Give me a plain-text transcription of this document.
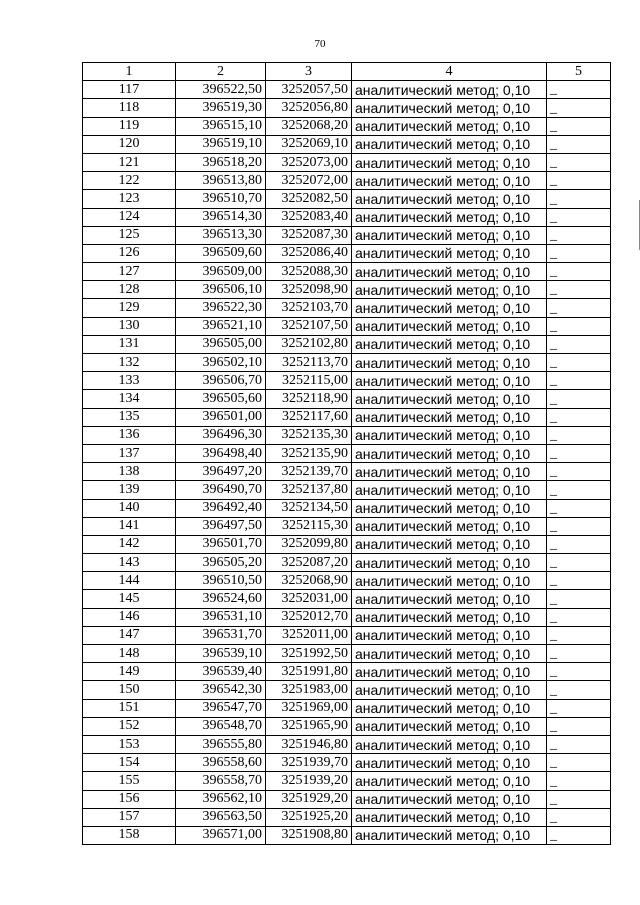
70
1	2	3	4	5
117	396522,50	3252057,50	аналитический метод; 0,10	_
118	396519,30	3252056,80	аналитический метод; 0,10	_
119	396515,10	3252068,20	аналитический метод; 0,10	_
120	396519,10	3252069,10	аналитический метод; 0,10	_
121	396518,20	3252073,00	аналитический метод; 0,10	_
122	396513,80	3252072,00	аналитический метод; 0,10	_
123	396510,70	3252082,50	аналитический метод; 0,10	_
124	396514,30	3252083,40	аналитический метод; 0,10	_
125	396513,30	3252087,30	аналитический метод; 0,10	_
126	396509,60	3252086,40	аналитический метод; 0,10	_
127	396509,00	3252088,30	аналитический метод; 0,10	_
128	396506,10	3252098,90	аналитический метод; 0,10	_
129	396522,30	3252103,70	аналитический метод; 0,10	_
130	396521,10	3252107,50	аналитический метод; 0,10	_
131	396505,00	3252102,80	аналитический метод; 0,10	_
132	396502,10	3252113,70	аналитический метод; 0,10	_
133	396506,70	3252115,00	аналитический метод; 0,10	_
134	396505,60	3252118,90	аналитический метод; 0,10	_
135	396501,00	3252117,60	аналитический метод; 0,10	_
136	396496,30	3252135,30	аналитический метод; 0,10	_
137	396498,40	3252135,90	аналитический метод; 0,10	_
138	396497,20	3252139,70	аналитический метод; 0,10	_
139	396490,70	3252137,80	аналитический метод; 0,10	_
140	396492,40	3252134,50	аналитический метод; 0,10	_
141	396497,50	3252115,30	аналитический метод; 0,10	_
142	396501,70	3252099,80	аналитический метод; 0,10	_
143	396505,20	3252087,20	аналитический метод; 0,10	_
144	396510,50	3252068,90	аналитический метод; 0,10	_
145	396524,60	3252031,00	аналитический метод; 0,10	_
146	396531,10	3252012,70	аналитический метод; 0,10	_
147	396531,70	3252011,00	аналитический метод; 0,10	_
148	396539,10	3251992,50	аналитический метод; 0,10	_
149	396539,40	3251991,80	аналитический метод; 0,10	_
150	396542,30	3251983,00	аналитический метод; 0,10	_
151	396547,70	3251969,00	аналитический метод; 0,10	_
152	396548,70	3251965,90	аналитический метод; 0,10	_
153	396555,80	3251946,80	аналитический метод; 0,10	_
154	396558,60	3251939,70	аналитический метод; 0,10	_
155	396558,70	3251939,20	аналитический метод; 0,10	_
156	396562,10	3251929,20	аналитический метод; 0,10	_
157	396563,50	3251925,20	аналитический метод; 0,10	_
158	396571,00	3251908,80	аналитический метод; 0,10	_
